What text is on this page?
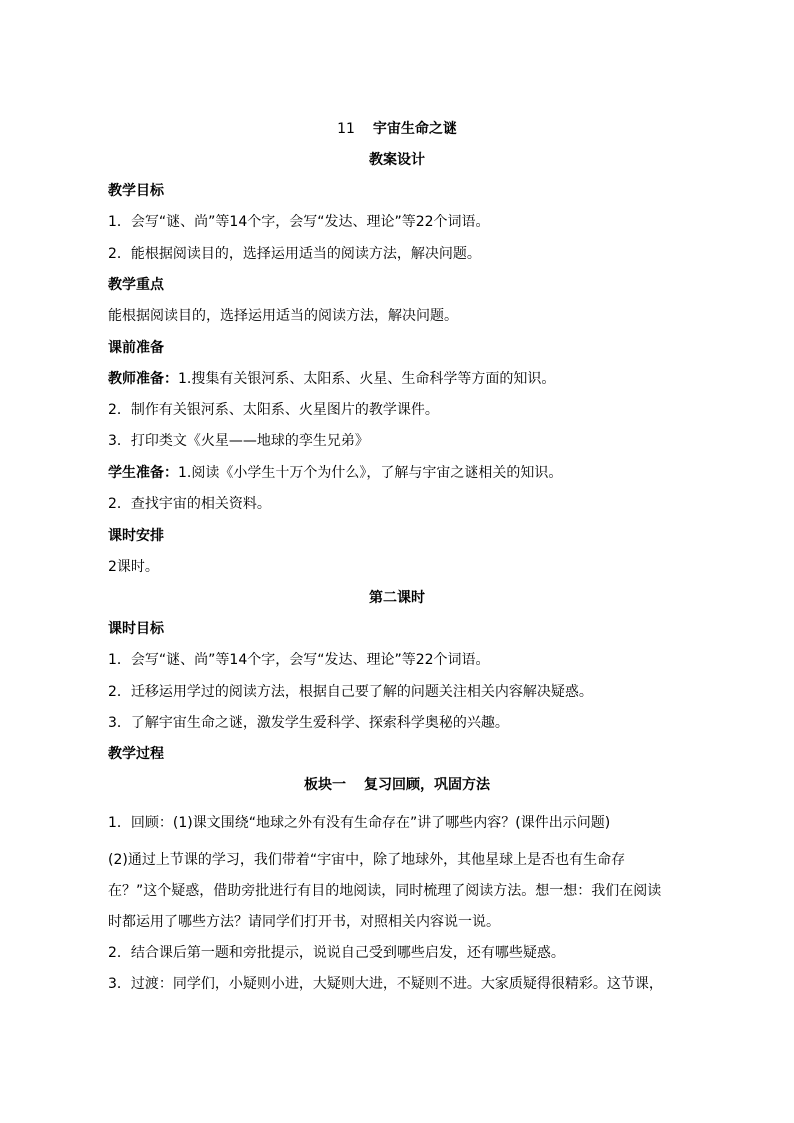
11 宇宙生命之谜
教案设计
教学目标
1．会写“谜、尚”等14个字，会写“发达、理论”等22个词语。
2．能根据阅读目的，选择运用适当的阅读方法，解决问题。
教学重点
能根据阅读目的，选择运用适当的阅读方法，解决问题。
课前准备
教师准备：1.搜集有关银河系、太阳系、火星、生命科学等方面的知识。
2．制作有关银河系、太阳系、火星图片的教学课件。
3．打印类文《火星——地球的孪生兄弟》
学生准备：1.阅读《小学生十万个为什么》，了解与宇宙之谜相关的知识。
2．查找宇宙的相关资料。
课时安排
2课时。
第二课时
课时目标
1．会写“谜、尚”等14个字，会写“发达、理论”等22个词语。
2．迁移运用学过的阅读方法，根据自己要了解的问题关注相关内容解决疑惑。
3．了解宇宙生命之谜，激发学生爱科学、探索科学奥秘的兴趣。
教学过程
板块一 复习回顾，巩固方法
1．回顾：(1)课文围绕“地球之外有没有生命存在”讲了哪些内容？(课件出示问题)
(2)通过上节课的学习，我们带着“宇宙中，除了地球外，其他星球上是否也有生命存
在？”这个疑惑，借助旁批进行有目的地阅读，同时梳理了阅读方法。想一想：我们在阅读
时都运用了哪些方法？请同学们打开书，对照相关内容说一说。
2．结合课后第一题和旁批提示，说说自己受到哪些启发，还有哪些疑惑。
3．过渡：同学们，小疑则小进，大疑则大进，不疑则不进。大家质疑得很精彩。这节课，
